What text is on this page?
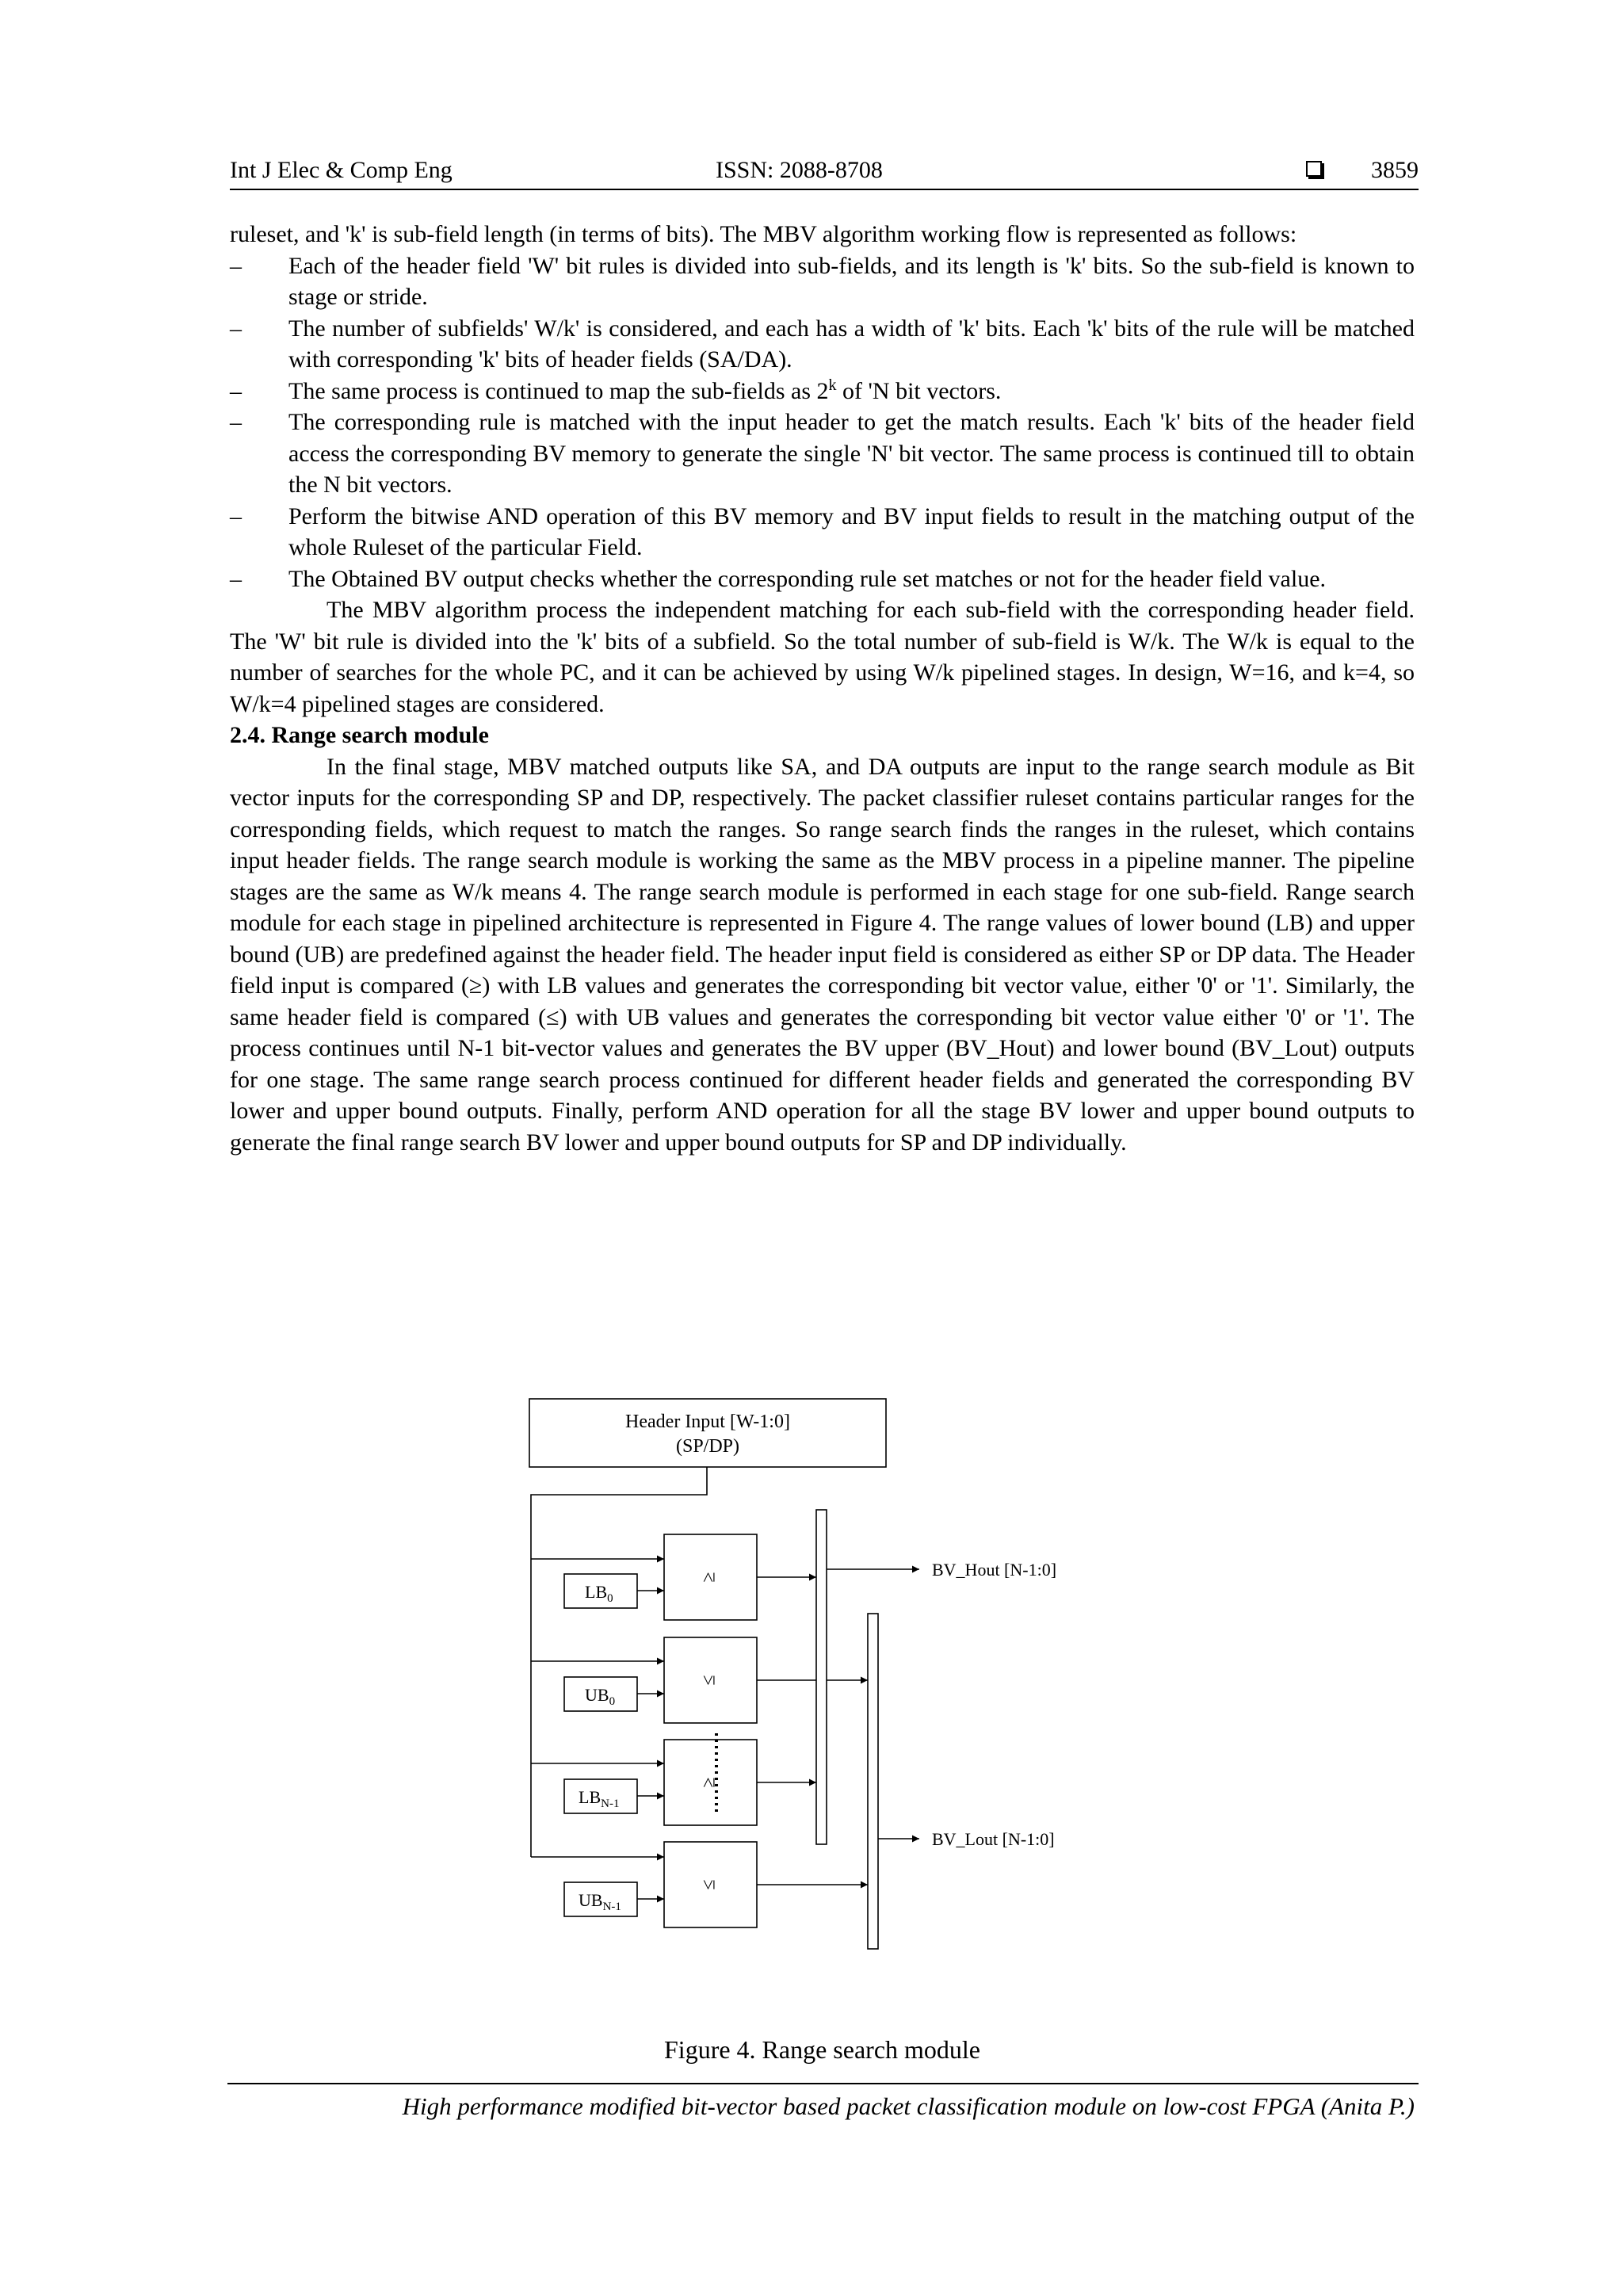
Int J Elec & Comp Eng	ISSN: 2088-8708	3859

ruleset, and 'k' is sub-field length (in terms of bits). The MBV algorithm working flow is represented as follows:

– Each of the header field 'W' bit rules is divided into sub-fields, and its length is 'k' bits. So the sub-field is known to stage or stride.
– The number of subfields' W/k' is considered, and each has a width of 'k' bits. Each 'k' bits of the rule will be matched with corresponding 'k' bits of header fields (SA/DA).
– The same process is continued to map the sub-fields as 2$^k$ of 'N bit vectors.
– The corresponding rule is matched with the input header to get the match results. Each 'k' bits of the header field access the corresponding BV memory to generate the single 'N' bit vector. The same process is continued till to obtain the N bit vectors.
– Perform the bitwise AND operation of this BV memory and BV input fields to result in the matching output of the whole Ruleset of the particular Field.
– The Obtained BV output checks whether the corresponding rule set matches or not for the header field value.

The MBV algorithm process the independent matching for each sub-field with the corresponding header field. The 'W' bit rule is divided into the 'k' bits of a subfield. So the total number of sub-field is W/k. The W/k is equal to the number of searches for the whole PC, and it can be achieved by using W/k pipelined stages. In design, W=16, and k=4, so W/k=4 pipelined stages are considered.

2.4. Range search module

In the final stage, MBV matched outputs like SA, and DA outputs are input to the range search module as Bit vector inputs for the corresponding SP and DP, respectively. The packet classifier ruleset contains particular ranges for the corresponding fields, which request to match the ranges. So range search finds the ranges in the ruleset, which contains input header fields. The range search module is working the same as the MBV process in a pipeline manner. The pipeline stages are the same as W/k means 4. The range search module is performed in each stage for one sub-field. Range search module for each stage in pipelined architecture is represented in Figure 4. The range values of lower bound (LB) and upper bound (UB) are predefined against the header field. The header input field is considered as either SP or DP data. The Header field input is compared (≥) with LB values and generates the corresponding bit vector value, either '0' or '1'. Similarly, the same header field is compared (≤) with UB values and generates the corresponding bit vector value either '0' or '1'. The process continues until N-1 bit-vector values and generates the BV upper (BV_Hout) and lower bound (BV_Lout) outputs for one stage. The same range search process continued for different header fields and generated the corresponding BV lower and upper bound outputs. Finally, perform AND operation for all the stage BV lower and upper bound outputs to generate the final range search BV lower and upper bound outputs for SP and DP individually.

Header Input [W-1:0]
(SP/DP)
$LB_0$
$UB_0$
$LB_{N-1}$
$UB_{N-1}$
≥
≤
≥
≤
BV_Hout [N-1:0]
BV_Lout [N-1:0]
Figure 4. Range search module
High performance modified bit-vector based packet classification module on low-cost FPGA (Anita P.)
